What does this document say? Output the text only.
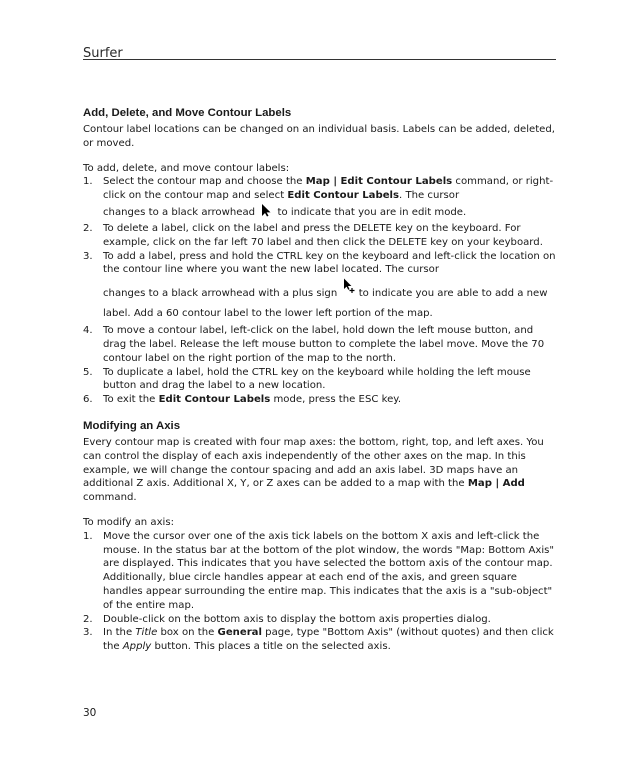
Surfer
Add, Delete, and Move Contour Labels

Contour label locations can be changed on an individual basis. Labels can be added, deleted, or moved.

To add, delete, and move contour labels:

1. Select the contour map and choose the Map | Edit Contour Labels command, or right-click on the contour map and select Edit Contour Labels. The cursor
changes to a black arrowhead to indicate that you are in edit mode.
2. To delete a label, click on the label and press the DELETE key on the keyboard. For example, click on the far left 70 label and then click the DELETE key on your keyboard.
3. To add a label, press and hold the CTRL key on the keyboard and left-click the location on the contour line where you want the new label located. The cursor
changes to a black arrowhead with a plus sign to indicate you are able to add a new label. Add a 60 contour label to the lower left portion of the map.
4. To move a contour label, left-click on the label, hold down the left mouse button, and drag the label. Release the left mouse button to complete the label move. Move the 70 contour label on the right portion of the map to the north.
5. To duplicate a label, hold the CTRL key on the keyboard while holding the left mouse button and drag the label to a new location.
6. To exit the Edit Contour Labels mode, press the ESC key.
Modifying an Axis

Every contour map is created with four map axes: the bottom, right, top, and left axes. You can control the display of each axis independently of the other axes on the map. In this example, we will change the contour spacing and add an axis label. 3D maps have an additional Z axis. Additional X, Y, or Z axes can be added to a map with the Map | Add command.

To modify an axis:

1. Move the cursor over one of the axis tick labels on the bottom X axis and left-click the mouse. In the status bar at the bottom of the plot window, the words "Map: Bottom Axis" are displayed. This indicates that you have selected the bottom axis of the contour map. Additionally, blue circle handles appear at each end of the axis, and green square handles appear surrounding the entire map. This indicates that the axis is a "sub-object" of the entire map.
2. Double-click on the bottom axis to display the bottom axis properties dialog.
3. In the Title box on the General page, type "Bottom Axis" (without quotes) and then click the Apply button. This places a title on the selected axis.
30
